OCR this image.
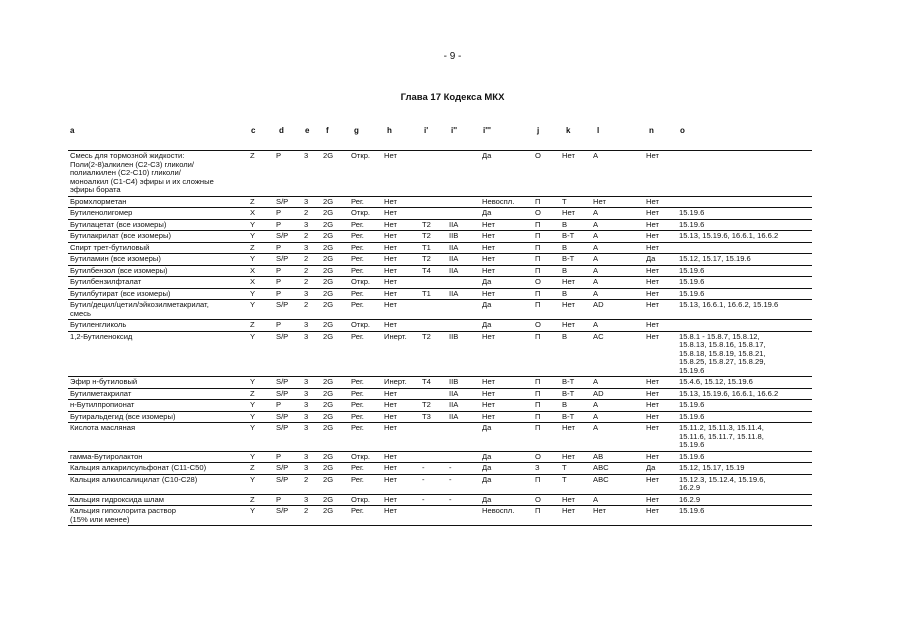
- 9 -
Глава 17 Кодекса МКХ
a	c	d	e f	g	h	i'	i''	i'''	j	k	l	n	o
Смесь для тормозной жидкости:
Поли(2-8)алкилен (С2-С3) гликоли/
полиалкилен (С2-С10) гликоли/
моноалкил (С1-С4) эфиры и их сложные
эфиры бората
Z	P	3 2G Откр. Нет	Да	О	Нет A	Нет
Бромхлорметан	Z	S/P 3 2G Рег.	Нет	Невоспл.	П	Т	Нет	Нет
Бутиленолигомер	X	P	2 2G Откр. Нет	Да	О	Нет A	Нет	15.19.6
Бутилацетат (все изомеры)	Y	P	3 2G Рег.	Нет	T2 IIA	Нет	П	B	A	Нет	15.19.6
Бутилакрилат (все изомеры)	Y	S/P 2 2G Рег.	Нет	T2 IIB	Нет	П	В-Т A	Нет	15.13, 15.19.6, 16.6.1, 16.6.2
Спирт трет-бутиловый	Z	P	3 2G Рег.	Нет	T1 IIA	Нет	П	B	A	Нет
Бутиламин (все изомеры)	Y	S/P 2 2G Рег.	Нет	T2 IIA	Нет	П	В-Т A	Да	15.12, 15.17, 15.19.6
Бутилбензол (все изомеры)	X	P	2 2G Рег.	Нет	T4 IIA	Нет	П	B	A	Нет	15.19.6
Бутилбензилфталат	X	P	2 2G Откр. Нет	Да	О	Нет A	Нет	15.19.6
Бутилбутират (все изомеры)	Y	P	3 2G Рег.	Нет	T1 IIA	Нет	П	B	A	Нет	15.19.6
Бутил/децил/цетил/эйкозилметакрилат,
смесь
Y	S/P 2 2G Рег.	Нет	Да	П	Нет AD	Нет	15.13, 16.6.1, 16.6.2, 15.19.6
Бутиленгликоль	Z	P	3 2G Откр. Нет	Да	О	Нет A	Нет
1,2-Бутиленоксид	Y	S/P 3 2G Рег.	Инерт. T2 IIB	Нет	П	B	AC	Нет	15.8.1 - 15.8.7, 15.8.12,
15.8.13, 15.8.16, 15.8.17,
15.8.18, 15.8.19, 15.8.21,
15.8.25, 15.8.27, 15.8.29,
15.19.6
Эфир н-бутиловый	Y	S/P 3 2G Рег.	Инерт. T4 IIB	Нет	П	В-Т A	Нет	15.4.6, 15.12, 15.19.6
Бутилметакрилат	Z	S/P 3 2G Рег.	Нет	IIA	Нет	П	В-Т AD	Нет	15.13, 15.19.6, 16.6.1, 16.6.2
н-Бутилпропионат	Y	P	3 2G Рег.	Нет	T2 IIA	Нет	П	B	A	Нет	15.19.6
Бутиральдегид (все изомеры)	Y	S/P 3 2G Рег.	Нет	T3 IIA	Нет	П	В-Т A	Нет	15.19.6
Кислота масляная	Y	S/P 3 2G Рег.	Нет	Да	П	Нет A	Нет	15.11.2, 15.11.3, 15.11.4,
15.11.6, 15.11.7, 15.11.8,
15.19.6
гамма-Бутиролактон	Y	P	3 2G Откр. Нет	Да	О	Нет AB	Нет	15.19.6
Кальция алкарилсульфонат (С11-С50)	Z	S/P 3 2G Рег.	Нет	-	-	Да	З	Т	ABC	Да	15.12, 15.17, 15.19
Кальция алкилсалицилат (С10-С28)	Y	S/P 2 2G Рег.	Нет	-	-	Да	П	Т	ABC	Нет	15.12.3, 15.12.4, 15.19.6,
16.2.9
Кальция гидроксида шлам	Z	P	3 2G Откр. Нет	-	-	Да	О	Нет A	Нет	16.2.9
Кальция гипохлорита раствор
(15% или менее)
Y	S/P 2 2G Рег.	Нет	Невоспл.	П	Нет Нет	Нет	15.19.6
